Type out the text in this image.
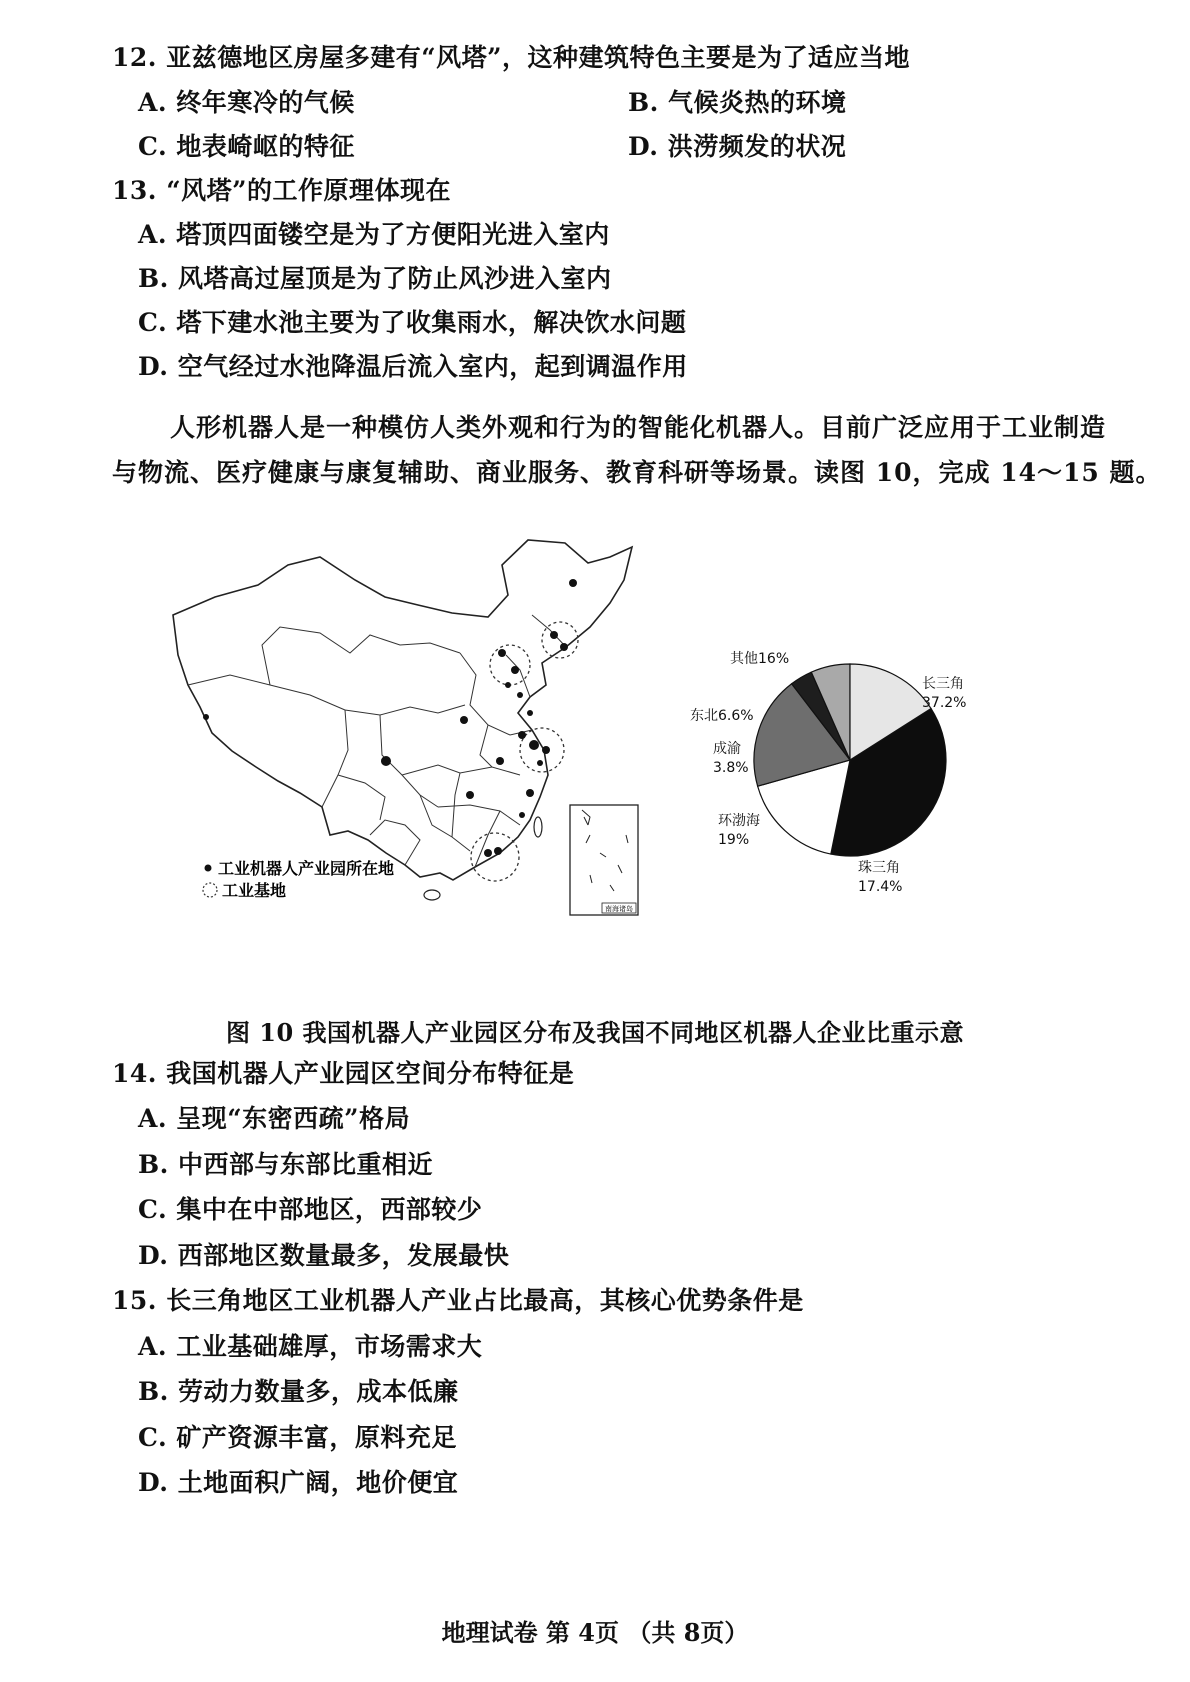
12. 亚兹德地区房屋多建有“风塔”，这种建筑特色主要是为了适应当地
A. 终年寒冷的气候	B. 气候炎热的环境
C. 地表崎岖的特征	D. 洪涝频发的状况
13. “风塔”的工作原理体现在
A. 塔顶四面镂空是为了方便阳光进入室内
B. 风塔高过屋顶是为了防止风沙进入室内
C. 塔下建水池主要为了收集雨水，解决饮水问题
D. 空气经过水池降温后流入室内，起到调温作用
人形机器人是一种模仿人类外观和行为的智能化机器人。目前广泛应用于工业制造
与物流、医疗健康与康复辅助、商业服务、教育科研等场景。读图 10，完成 14～15 题。
南海诸岛
工业机器人产业园所在地
工业基地
长三角
37.2%
珠三角
17.4%
环渤海
19%
成渝
3.8%
东北6.6%
其他16%
图 10 我国机器人产业园区分布及我国不同地区机器人企业比重示意
14. 我国机器人产业园区空间分布特征是
A. 呈现“东密西疏”格局
B. 中西部与东部比重相近
C. 集中在中部地区，西部较少
D. 西部地区数量最多，发展最快
15. 长三角地区工业机器人产业占比最高，其核心优势条件是
A. 工业基础雄厚，市场需求大
B. 劳动力数量多，成本低廉
C. 矿产资源丰富，原料充足
D. 土地面积广阔，地价便宜
地理试卷 第 4页 （共 8页）
